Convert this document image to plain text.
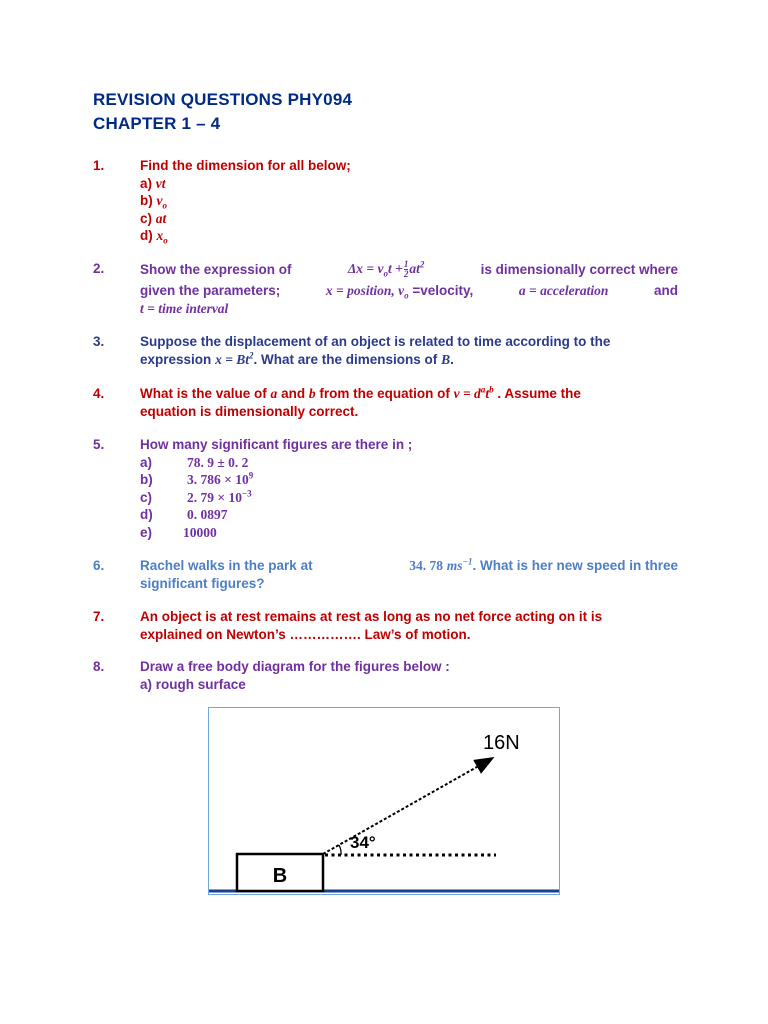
REVISION QUESTIONS PHY094
CHAPTER 1 – 4
1.	Find the dimension for all below;
a) vt
b) $v_o$
c) at
d) $x_o$
2.	Show the expression of	$\Delta x = v_ot + \frac{1}{2} at^2$	is dimensionally correct where
given the parameters;	x = position, $v_o$ =velocity,	a = acceleration	and
t = time interval
3.	Suppose the displacement of an object is related to time according to the
expression $x = Bt^2$. What are the dimensions of B.
4.	What is the value of a and b from the equation of $v = d^at^b$ . Assume the
equation is dimensionally correct.
5.	How many significant figures are there in ;
a)	78. 9 ± 0. 2
b)	3. $786 \times 10^9$
c)	2. $79 \times 10^{-3}$
d)	0. 0897
e)	10000
6.	Rachel walks in the park at	34. 78 $ms^{-1}$. What is her new speed in three
significant figures?
7.	An object is at rest remains at rest as long as no net force acting on it is
explained on Newton’s ……………. Law’s of motion.
8.	Draw a free body diagram for the figures below :
a) rough surface
B
34°
16N
